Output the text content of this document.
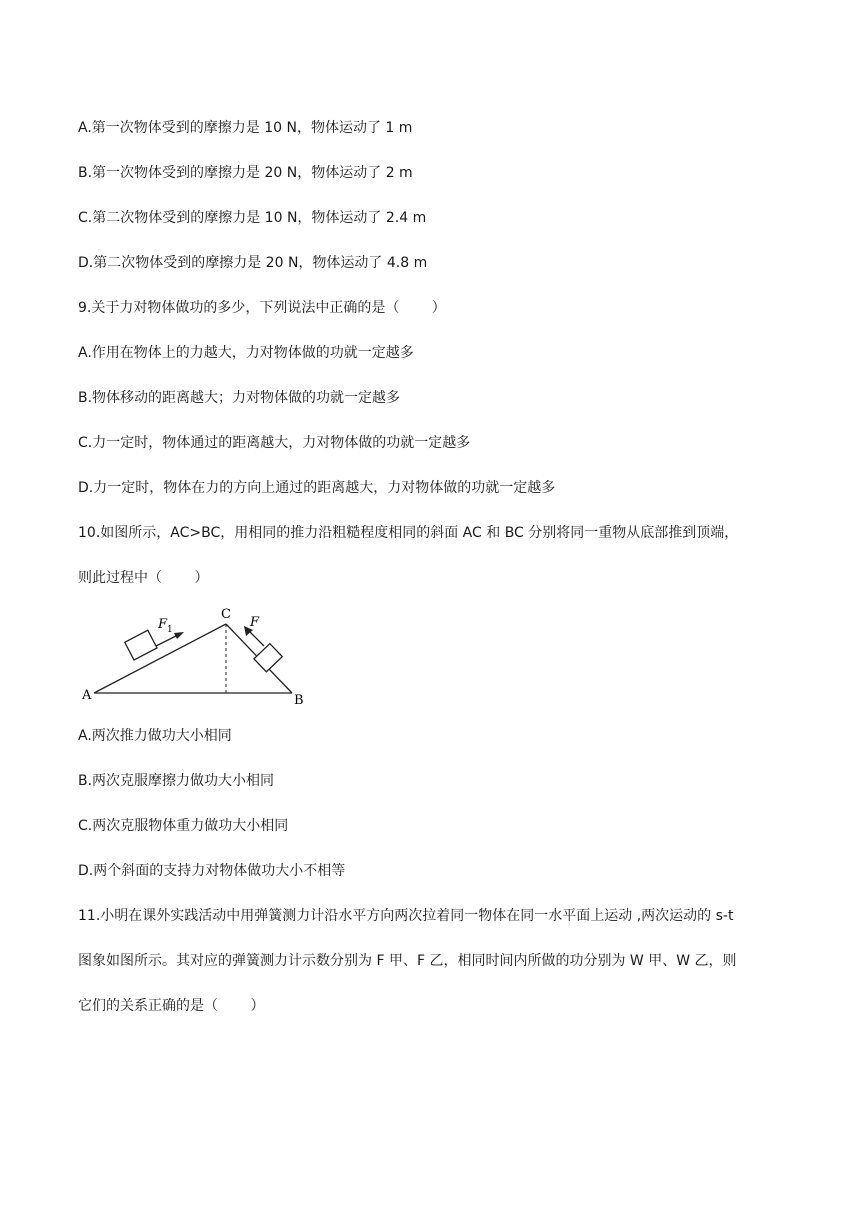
A.第一次物体受到的摩擦力是 10 N，物体运动了 1 m
B.第一次物体受到的摩擦力是 20 N，物体运动了 2 m
C.第二次物体受到的摩擦力是 10 N，物体运动了 2.4 m
D.第二次物体受到的摩擦力是 20 N，物体运动了 4.8 m
9.关于力对物体做功的多少，下列说法中正确的是（　　 ）
A.作用在物体上的力越大，力对物体做的功就一定越多
B.物体移动的距离越大；力对物体做的功就一定越多
C.力一定时，物体通过的距离越大，力对物体做的功就一定越多
D.力一定时，物体在力的方向上通过的距离越大，力对物体做的功就一定越多
10.如图所示，AC>BC，用相同的推力沿粗糙程度相同的斜面 AC 和 BC 分别将同一重物从底部推到顶端，
则此过程中（　　 ）
F 1	F
A	B
C
A.两次推力做功大小相同
B.两次克服摩擦力做功大小相同
C.两次克服物体重力做功大小相同
D.两个斜面的支持力对物体做功大小不相等
11.小明在课外实践活动中用弹簧测力计沿水平方向两次拉着同一物体在同一水平面上运动 ,两次运动的 s-t
图象如图所示。其对应的弹簧测力计示数分别为 F 甲、F 乙，相同时间内所做的功分别为 W 甲、W 乙，则
它们的关系正确的是（　　 ）
